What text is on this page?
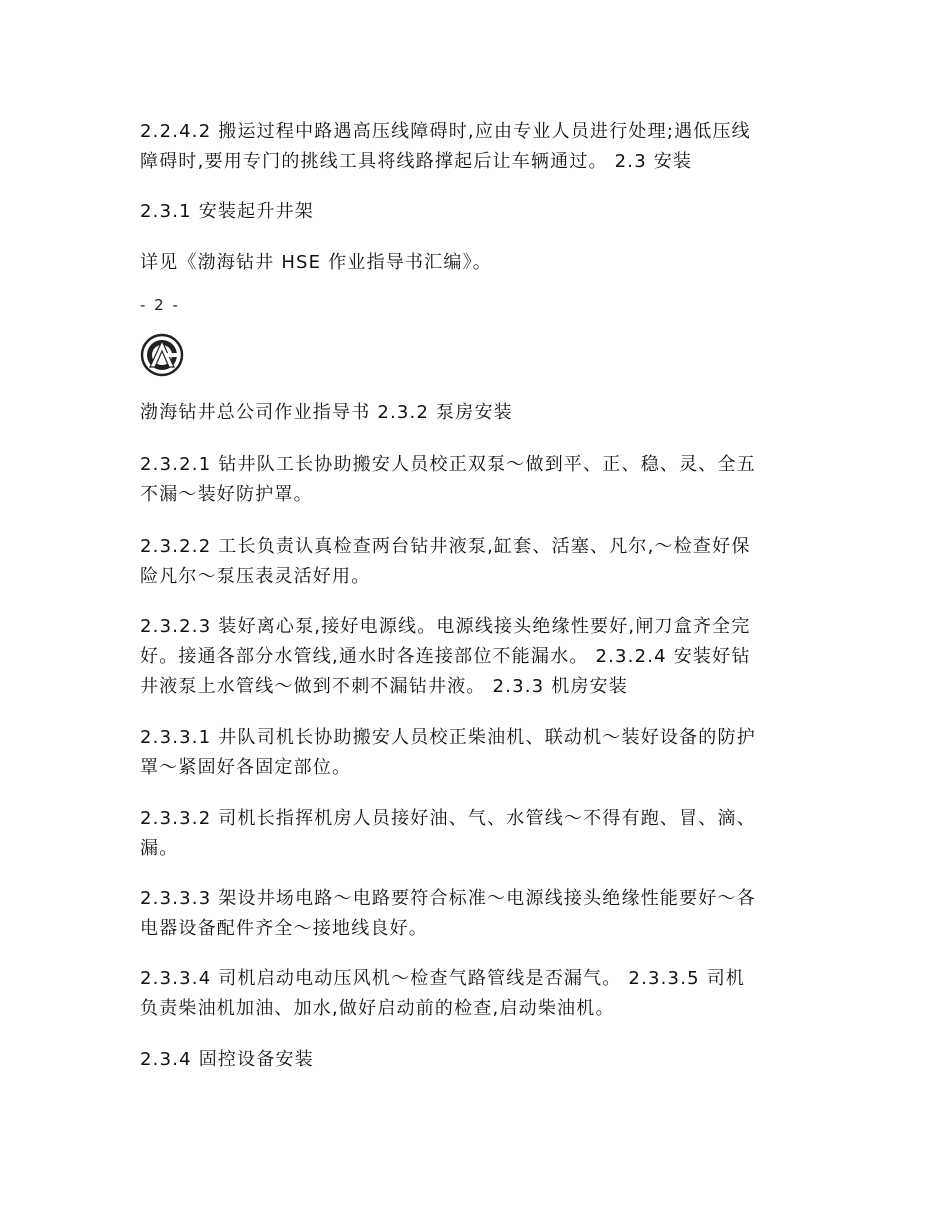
2.2.4.2 搬运过程中路遇高压线障碍时,应由专业人员进行处理;遇低压线
障碍时,要用专门的挑线工具将线路撑起后让车辆通过。 2.3 安装
2.3.1 安装起升井架
详见《渤海钻井 HSE 作业指导书汇编》。
- 2 -
渤海钻井总公司作业指导书 2.3.2 泵房安装
2.3.2.1 钻井队工长协助搬安人员校正双泵～做到平、正、稳、灵、全五
不漏～装好防护罩。
2.3.2.2 工长负责认真检查两台钻井液泵,缸套、活塞、凡尔,～检查好保
险凡尔～泵压表灵活好用。
2.3.2.3 装好离心泵,接好电源线。电源线接头绝缘性要好,闸刀盒齐全完
好。接通各部分水管线,通水时各连接部位不能漏水。 2.3.2.4 安装好钻
井液泵上水管线～做到不刺不漏钻井液。 2.3.3 机房安装
2.3.3.1 井队司机长协助搬安人员校正柴油机、联动机～装好设备的防护
罩～紧固好各固定部位。
2.3.3.2 司机长指挥机房人员接好油、气、水管线～不得有跑、冒、滴、
漏。
2.3.3.3 架设井场电路～电路要符合标准～电源线接头绝缘性能要好～各
电器设备配件齐全～接地线良好。
2.3.3.4 司机启动电动压风机～检查气路管线是否漏气。 2.3.3.5 司机
负责柴油机加油、加水,做好启动前的检查,启动柴油机。
2.3.4 固控设备安装
